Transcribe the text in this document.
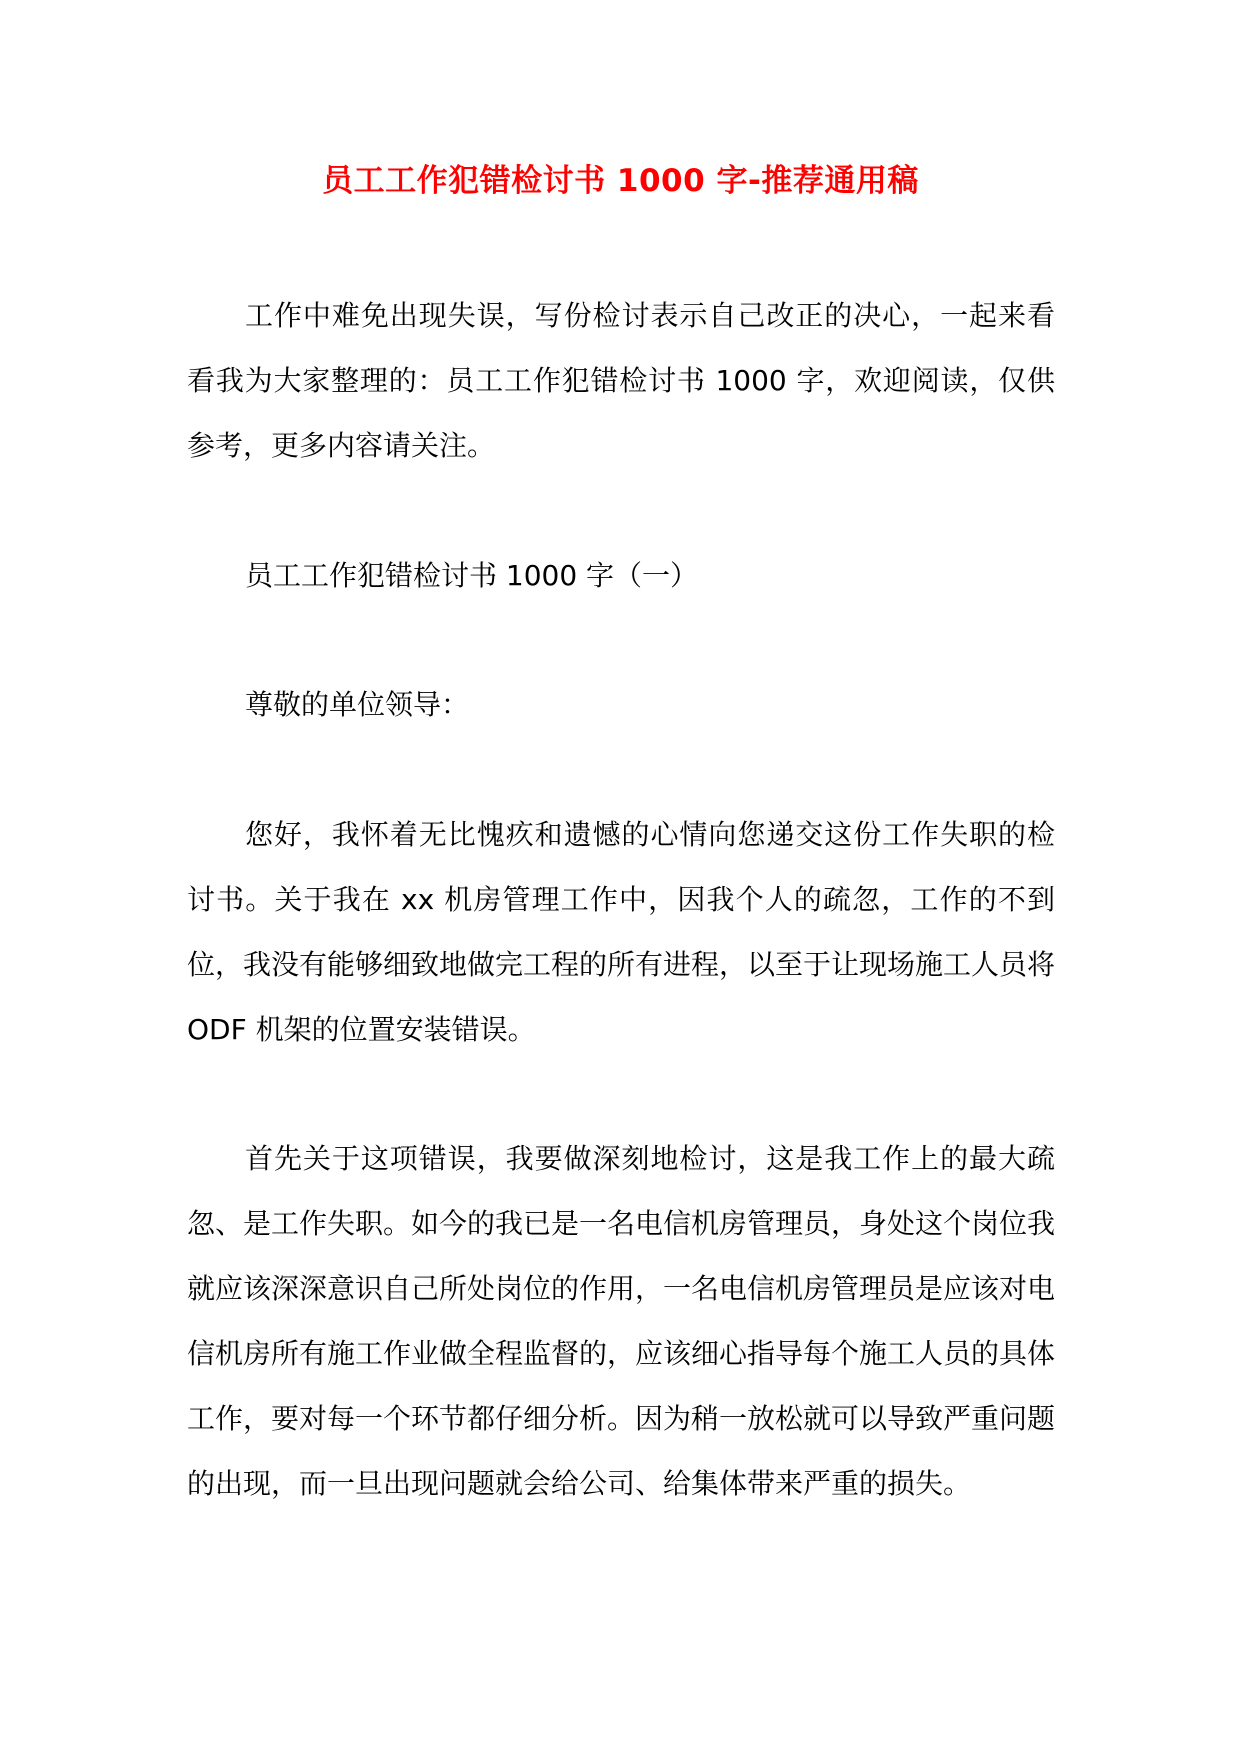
员工工作犯错检讨书 1000 字-推荐通用稿

工作中难免出现失误，写份检讨表示自己改正的决心，一起来看看我为大家整理的：员工工作犯错检讨书 1000 字，欢迎阅读，仅供参考，更多内容请关注。

员工工作犯错检讨书 1000 字（一）

尊敬的单位领导：

您好，我怀着无比愧疚和遗憾的心情向您递交这份工作失职的检讨书。关于我在 xx 机房管理工作中，因我个人的疏忽，工作的不到位，我没有能够细致地做完工程的所有进程，以至于让现场施工人员将 ODF 机架的位置安装错误。

首先关于这项错误，我要做深刻地检讨，这是我工作上的最大疏忽、是工作失职。如今的我已是一名电信机房管理员，身处这个岗位我就应该深深意识自己所处岗位的作用，一名电信机房管理员是应该对电信机房所有施工作业做全程监督的，应该细心指导每个施工人员的具体工作，要对每一个环节都仔细分析。因为稍一放松就可以导致严重问题的出现，而一旦出现问题就会给公司、给集体带来严重的损失。
